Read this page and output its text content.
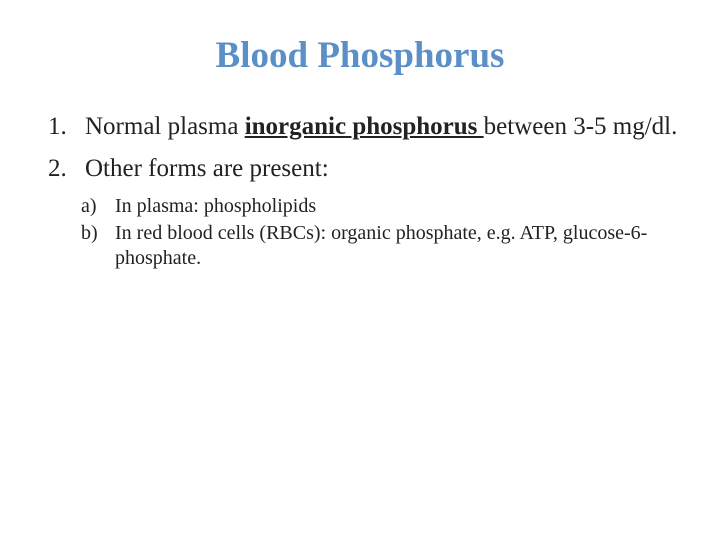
Blood Phosphorus
1. Normal plasma inorganic phosphorus between 3-5 mg/dl.
2. Other forms are present:
a) In plasma: phospholipids
b) In red blood cells (RBCs): organic phosphate, e.g. ATP, glucose-6-phosphate.
